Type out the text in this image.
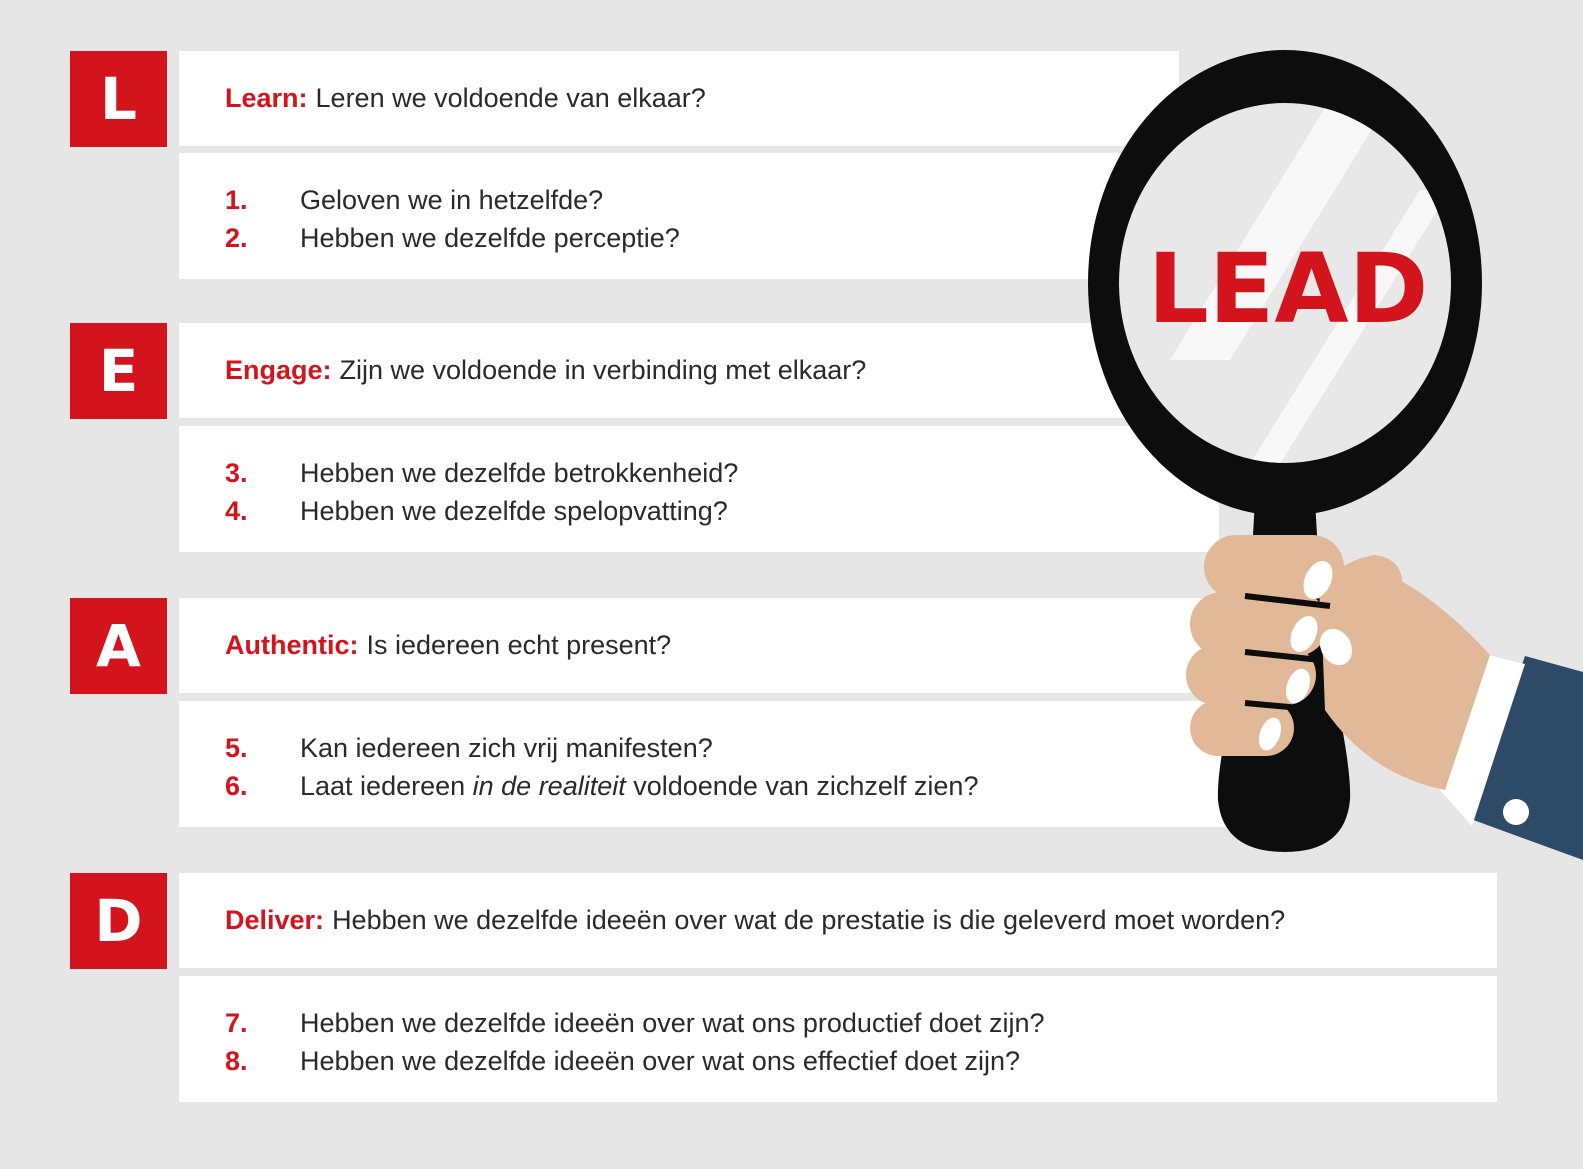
L	Learn: Leren we voldoende van elkaar?
1.	Geloven we in hetzelfde?
2.	Hebben we dezelfde perceptie?
E	Engage: Zijn we voldoende in verbinding met elkaar?
3.	Hebben we dezelfde betrokkenheid?
4.	Hebben we dezelfde spelopvatting?
A	Authentic: Is iedereen echt present?
5.	Kan iedereen zich vrij manifesten?
6.	Laat iedereen in de realiteit voldoende van zichzelf zien?
D	Deliver: Hebben we dezelfde ideeën over wat de prestatie is die geleverd moet worden?
7.	Hebben we dezelfde ideeën over wat ons productief doet zijn?
8.	Hebben we dezelfde ideeën over wat ons effectief doet zijn?
LEAD
